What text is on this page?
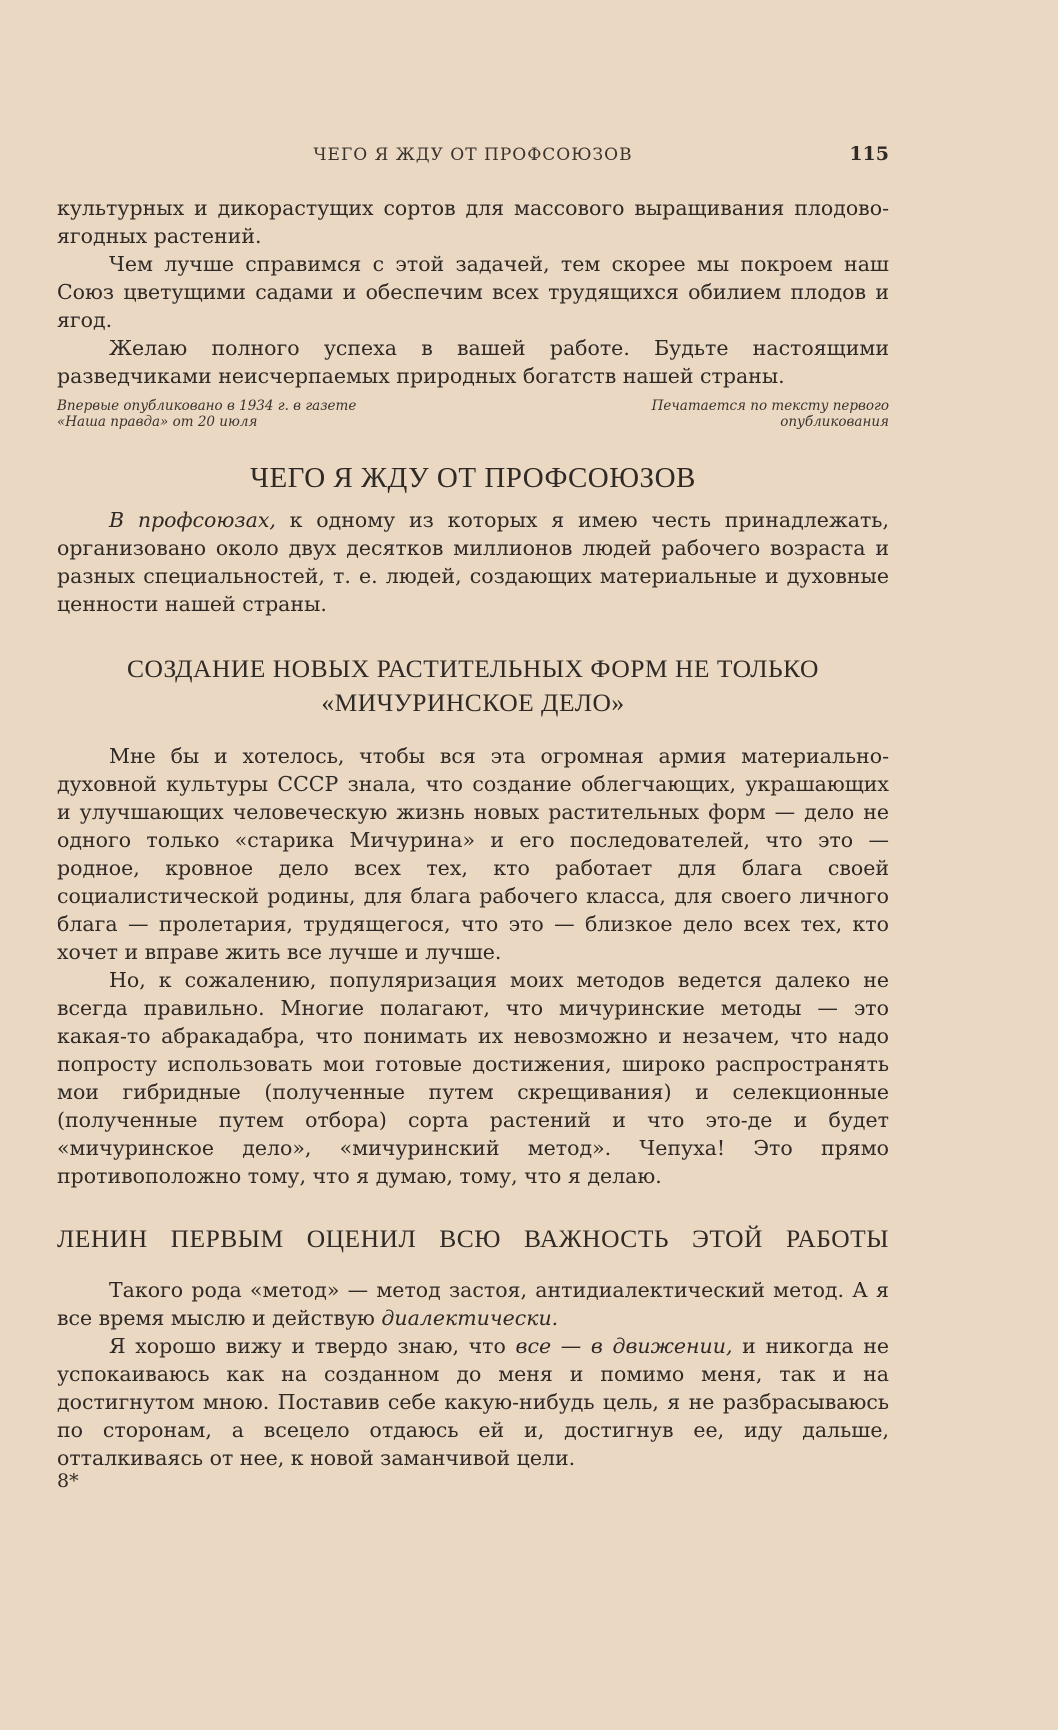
ЧЕГО Я ЖДУ ОТ ПРОФСОЮЗОВ	115

культурных и дикорастущих сортов для массового выращивания плодово-ягодных растений.

Чем лучше справимся с этой задачей, тем скорее мы покроем наш Союз цветущими садами и обеспечим всех трудящихся обилием плодов и ягод.

Желаю полного успеха в вашей работе. Будьте настоящими разведчиками неисчерпаемых природных богатств нашей страны.

Впервые опубликовано в 1934 г. в газете
«Наша правда» от 20 июля
Печатается по тексту первого
опубликования
ЧЕГО Я ЖДУ ОТ ПРОФСОЮЗОВ

В профсоюзах, к одному из которых я имею честь принадлежать, организовано около двух десятков миллионов людей рабочего возраста и разных специальностей, т. е. людей, создающих материальные и духовные ценности нашей страны.

СОЗДАНИЕ НОВЫХ РАСТИТЕЛЬНЫХ ФОРМ НЕ ТОЛЬКО «МИЧУРИНСКОЕ ДЕЛО»

Мне бы и хотелось, чтобы вся эта огромная армия материально-духовной культуры СССР знала, что создание облегчающих, украшающих и улучшающих человеческую жизнь новых растительных форм — дело не одного только «старика Мичурина» и его последователей, что это — родное, кровное дело всех тех, кто работает для блага своей социалистической родины, для блага рабочего класса, для своего личного блага — пролетария, трудящегося, что это — близкое дело всех тех, кто хочет и вправе жить все лучше и лучше.

Но, к сожалению, популяризация моих методов ведется далеко не всегда правильно. Многие полагают, что мичуринские методы — это какая-то абракадабра, что понимать их невозможно и незачем, что надо попросту использовать мои готовые достижения, широко распространять мои гибридные (полученные путем скрещивания) и селекционные (полученные путем отбора) сорта растений и что это-де и будет «мичуринское дело», «мичуринский метод». Чепуха! Это прямо противоположно тому, что я думаю, тому, что я делаю.

ЛЕНИН ПЕРВЫМ ОЦЕНИЛ ВСЮ ВАЖНОСТЬ ЭТОЙ РАБОТЫ

Такого рода «метод» — метод застоя, антидиалектический метод. А я все время мыслю и действую диалектически.

Я хорошо вижу и твердо знаю, что все — в движении, и никогда не успокаиваюсь как на созданном до меня и помимо меня, так и на достигнутом мною. Поставив себе какую-нибудь цель, я не разбрасываюсь по сторонам, а всецело отдаюсь ей и, достигнув ее, иду дальше, отталкиваясь от нее, к новой заманчивой цели.

8*
